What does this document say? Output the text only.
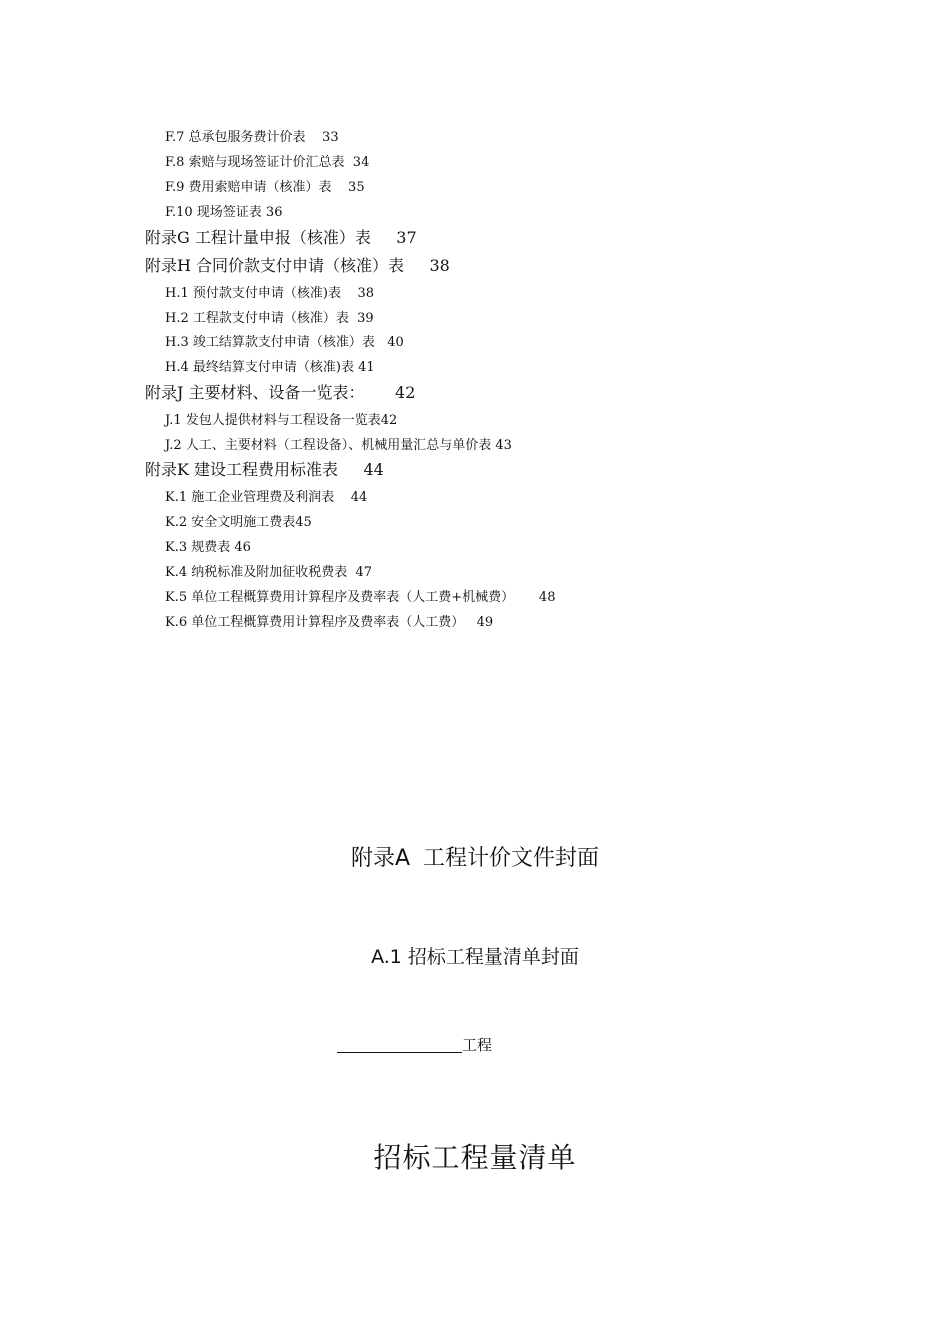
F.7 总承包服务费计价表    33
F.8 索赔与现场签证计价汇总表  34
F.9 费用索赔申请（核准）表    35
F.10 现场签证表 36
附录G 工程计量申报（核准）表     37
附录H 合同价款支付申请（核准）表     38
H.1 预付款支付申请（核准)表    38
H.2 工程款支付申请（核准）表  39
H.3 竣工结算款支付申请（核准）表   40
H.4 最终结算支付申请（核准)表 41
附录J 主要材料、设备一览表：      42
J.1 发包人提供材料与工程设备一览表42
J.2 人工、主要材料（工程设备）、机械用量汇总与单价表 43
附录K 建设工程费用标准表     44
K.1 施工企业管理费及利润表    44
K.2 安全文明施工费表45
K.3 规费表 46
K.4 纳税标准及附加征收税费表  47
K.5 单位工程概算费用计算程序及费率表（人工费+机械费）      48
K.6 单位工程概算费用计算程序及费率表（人工费）   49
附录A 工程计价文件封面
A.1 招标工程量清单封面
工程
招标工程量清单
